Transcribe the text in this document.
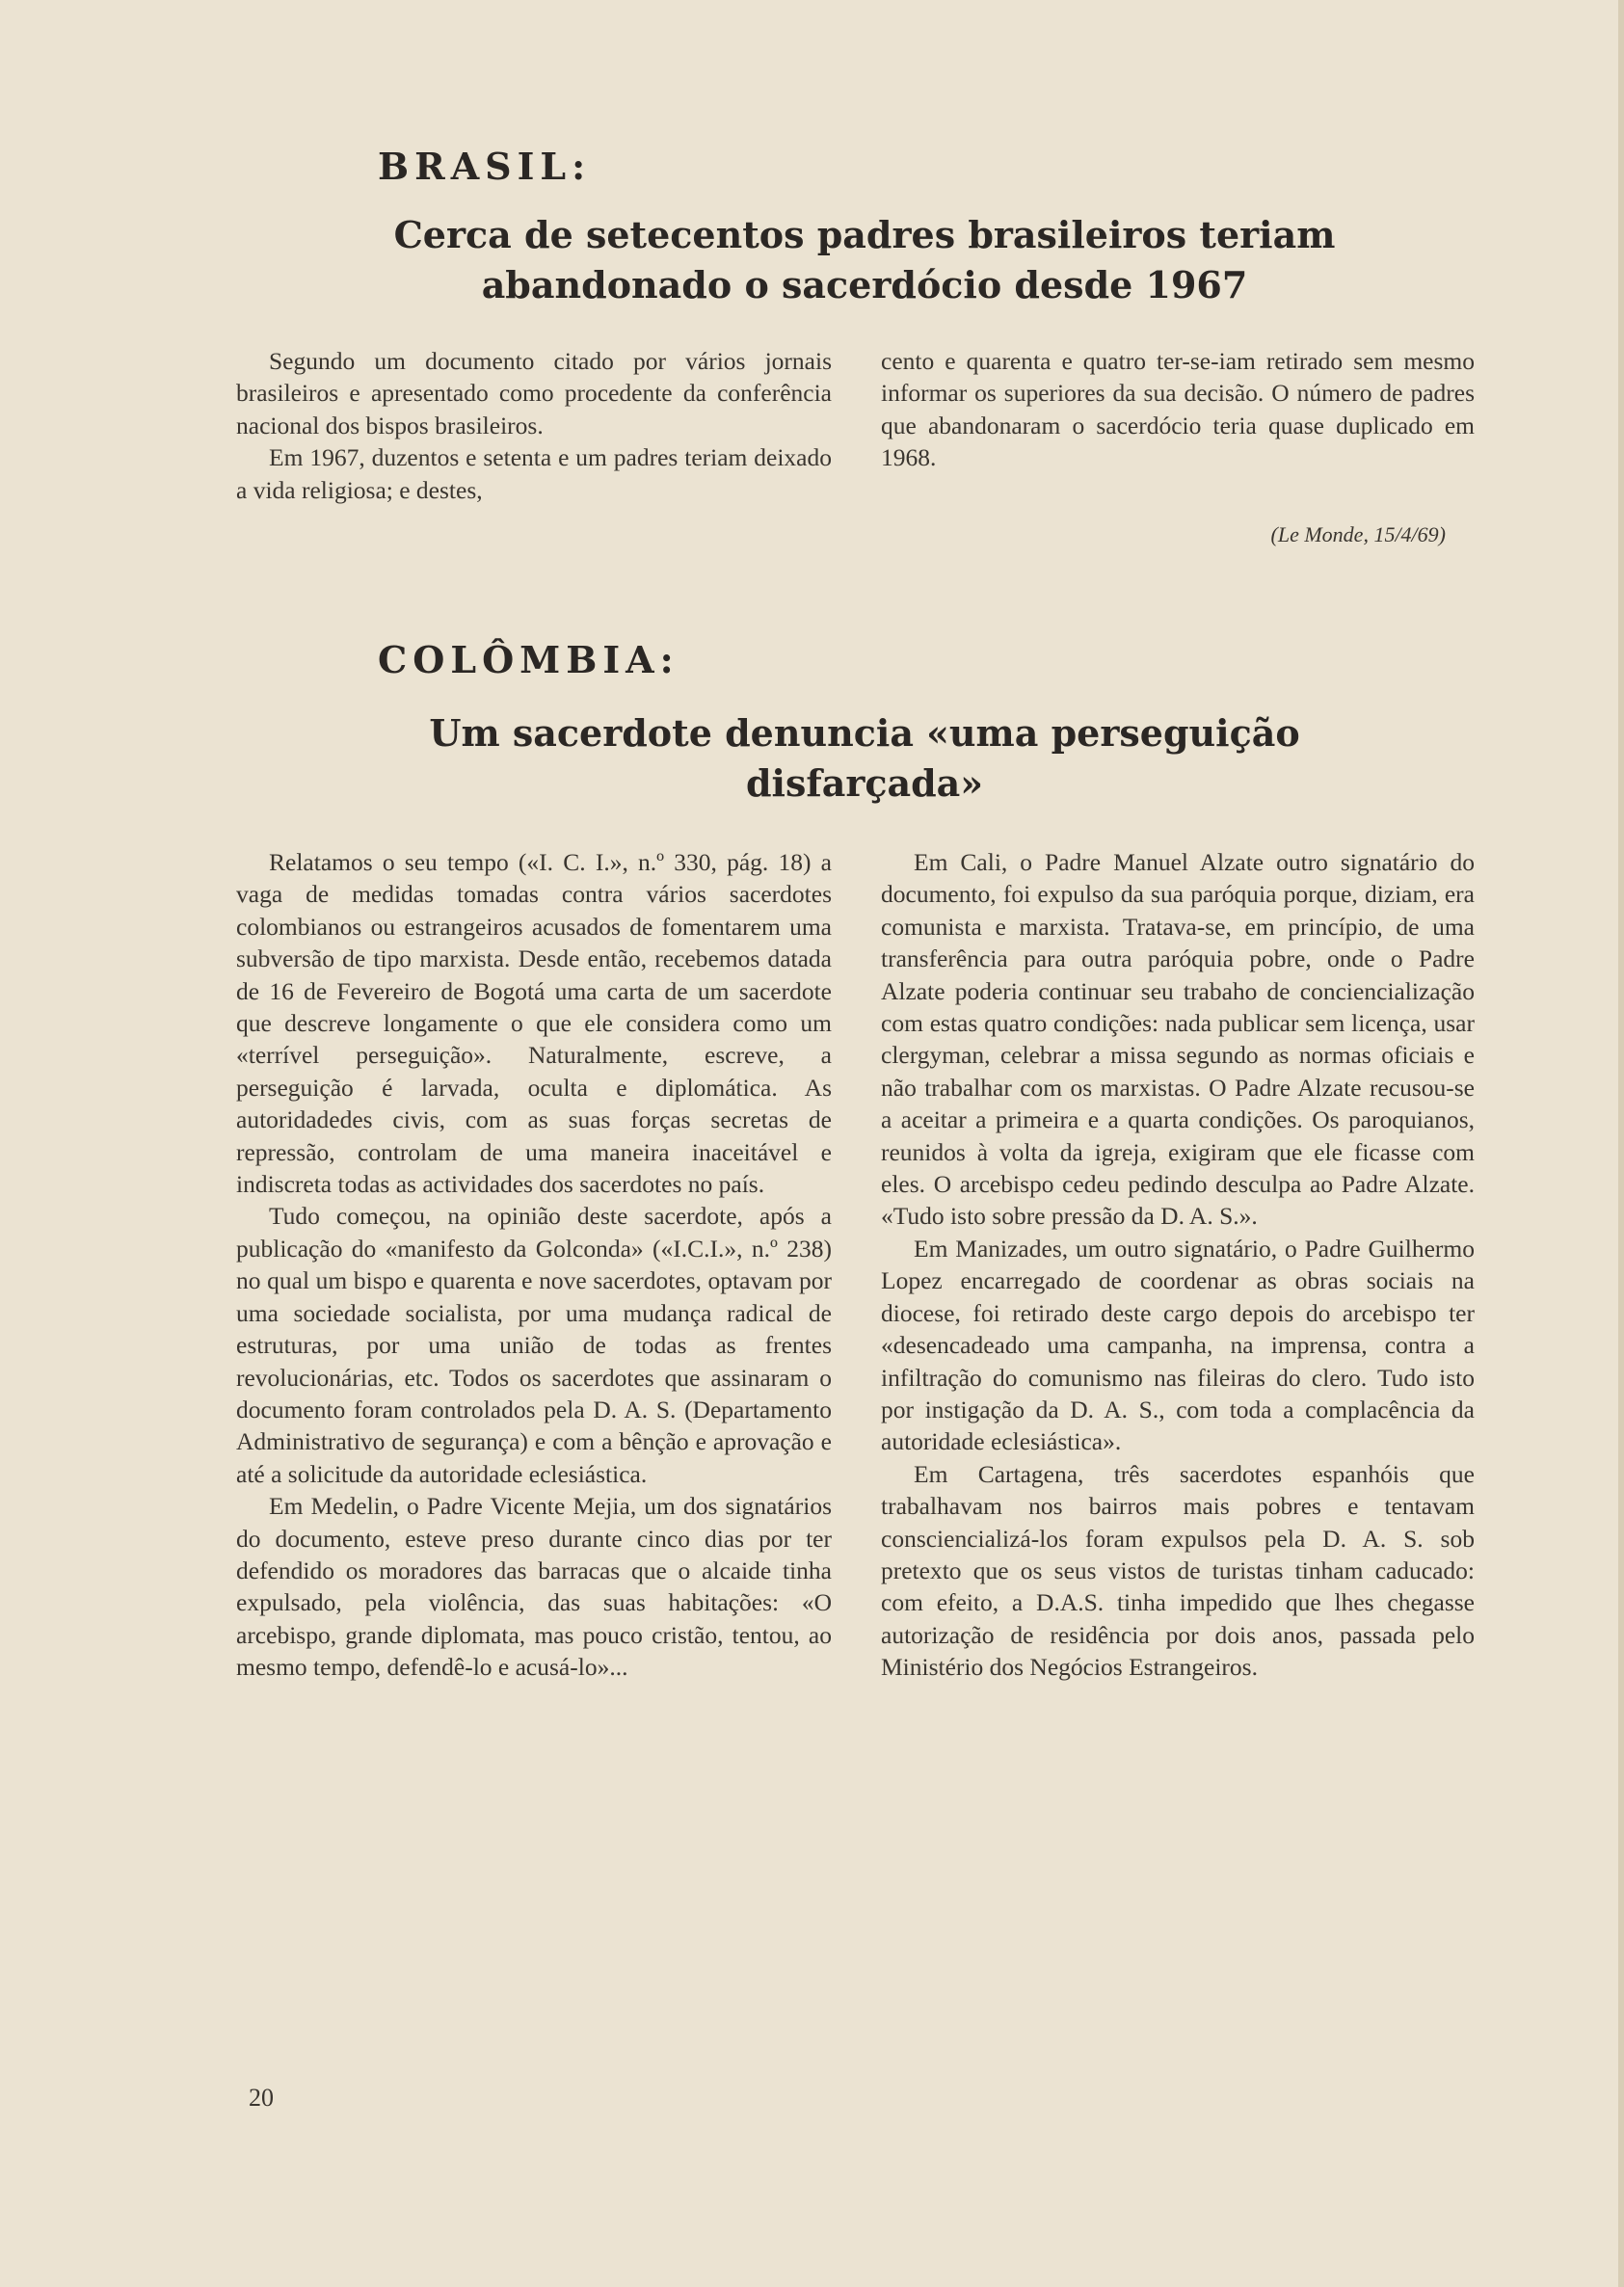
BRASIL:
Cerca de setecentos padres brasileiros teriam abandonado o sacerdócio desde 1967

Segundo um documento citado por vários jornais brasileiros e apresentado como procedente da conferência nacional dos bispos brasileiros.

Em 1967, duzentos e setenta e um padres teriam deixado a vida religiosa; e destes,

cento e quarenta e quatro ter-se-iam retirado sem mesmo informar os superiores da sua decisão. O número de padres que abandonaram o sacerdócio teria quase duplicado em 1968.

(Le Monde, 15/4/69)
COLÔMBIA:
Um sacerdote denuncia «uma perseguição disfarçada»

Relatamos o seu tempo («I. C. I.», n.º 330, pág. 18) a vaga de medidas tomadas contra vários sacerdotes colombianos ou estrangeiros acusados de fomentarem uma subversão de tipo marxista. Desde então, recebemos datada de 16 de Fevereiro de Bogotá uma carta de um sacerdote que descreve longamente o que ele considera como um «terrível perseguição». Naturalmente, escreve, a perseguição é larvada, oculta e diplomática. As autoridadedes civis, com as suas forças secretas de repressão, controlam de uma maneira inaceitável e indiscreta todas as actividades dos sacerdotes no país.

Tudo começou, na opinião deste sacerdote, após a publicação do «manifesto da Golconda» («I.C.I.», n.º 238) no qual um bispo e quarenta e nove sacerdotes, optavam por uma sociedade socialista, por uma mudança radical de estruturas, por uma união de todas as frentes revolucionárias, etc. Todos os sacerdotes que assinaram o documento foram controlados pela D. A. S. (Departamento Administrativo de segurança) e com a bênção e aprovação e até a solicitude da autoridade eclesiástica.

Em Medelin, o Padre Vicente Mejia, um dos signatários do documento, esteve preso durante cinco dias por ter defendido os moradores das barracas que o alcaide tinha expulsado, pela violência, das suas habitações: «O arcebispo, grande diplomata, mas pouco cristão, tentou, ao mesmo tempo, defendê-lo e acusá-lo»...

Em Cali, o Padre Manuel Alzate outro signatário do documento, foi expulso da sua paróquia porque, diziam, era comunista e marxista. Tratava-se, em princípio, de uma transferência para outra paróquia pobre, onde o Padre Alzate poderia continuar seu trabaho de conciencialização com estas quatro condições: nada publicar sem licença, usar clergyman, celebrar a missa segundo as normas oficiais e não trabalhar com os marxistas. O Padre Alzate recusou-se a aceitar a primeira e a quarta condições. Os paroquianos, reunidos à volta da igreja, exigiram que ele ficasse com eles. O arcebispo cedeu pedindo desculpa ao Padre Alzate. «Tudo isto sobre pressão da D. A. S.».

Em Manizades, um outro signatário, o Padre Guilhermo Lopez encarregado de coordenar as obras sociais na diocese, foi retirado deste cargo depois do arcebispo ter «desencadeado uma campanha, na imprensa, contra a infiltração do comunismo nas fileiras do clero. Tudo isto por instigação da D. A. S., com toda a complacência da autoridade eclesiástica».

Em Cartagena, três sacerdotes espanhóis que trabalhavam nos bairros mais pobres e tentavam consciencializá-los foram expulsos pela D. A. S. sob pretexto que os seus vistos de turistas tinham caducado: com efeito, a D.A.S. tinha impedido que lhes chegasse autorização de residência por dois anos, passada pelo Ministério dos Negócios Estrangeiros.

20
